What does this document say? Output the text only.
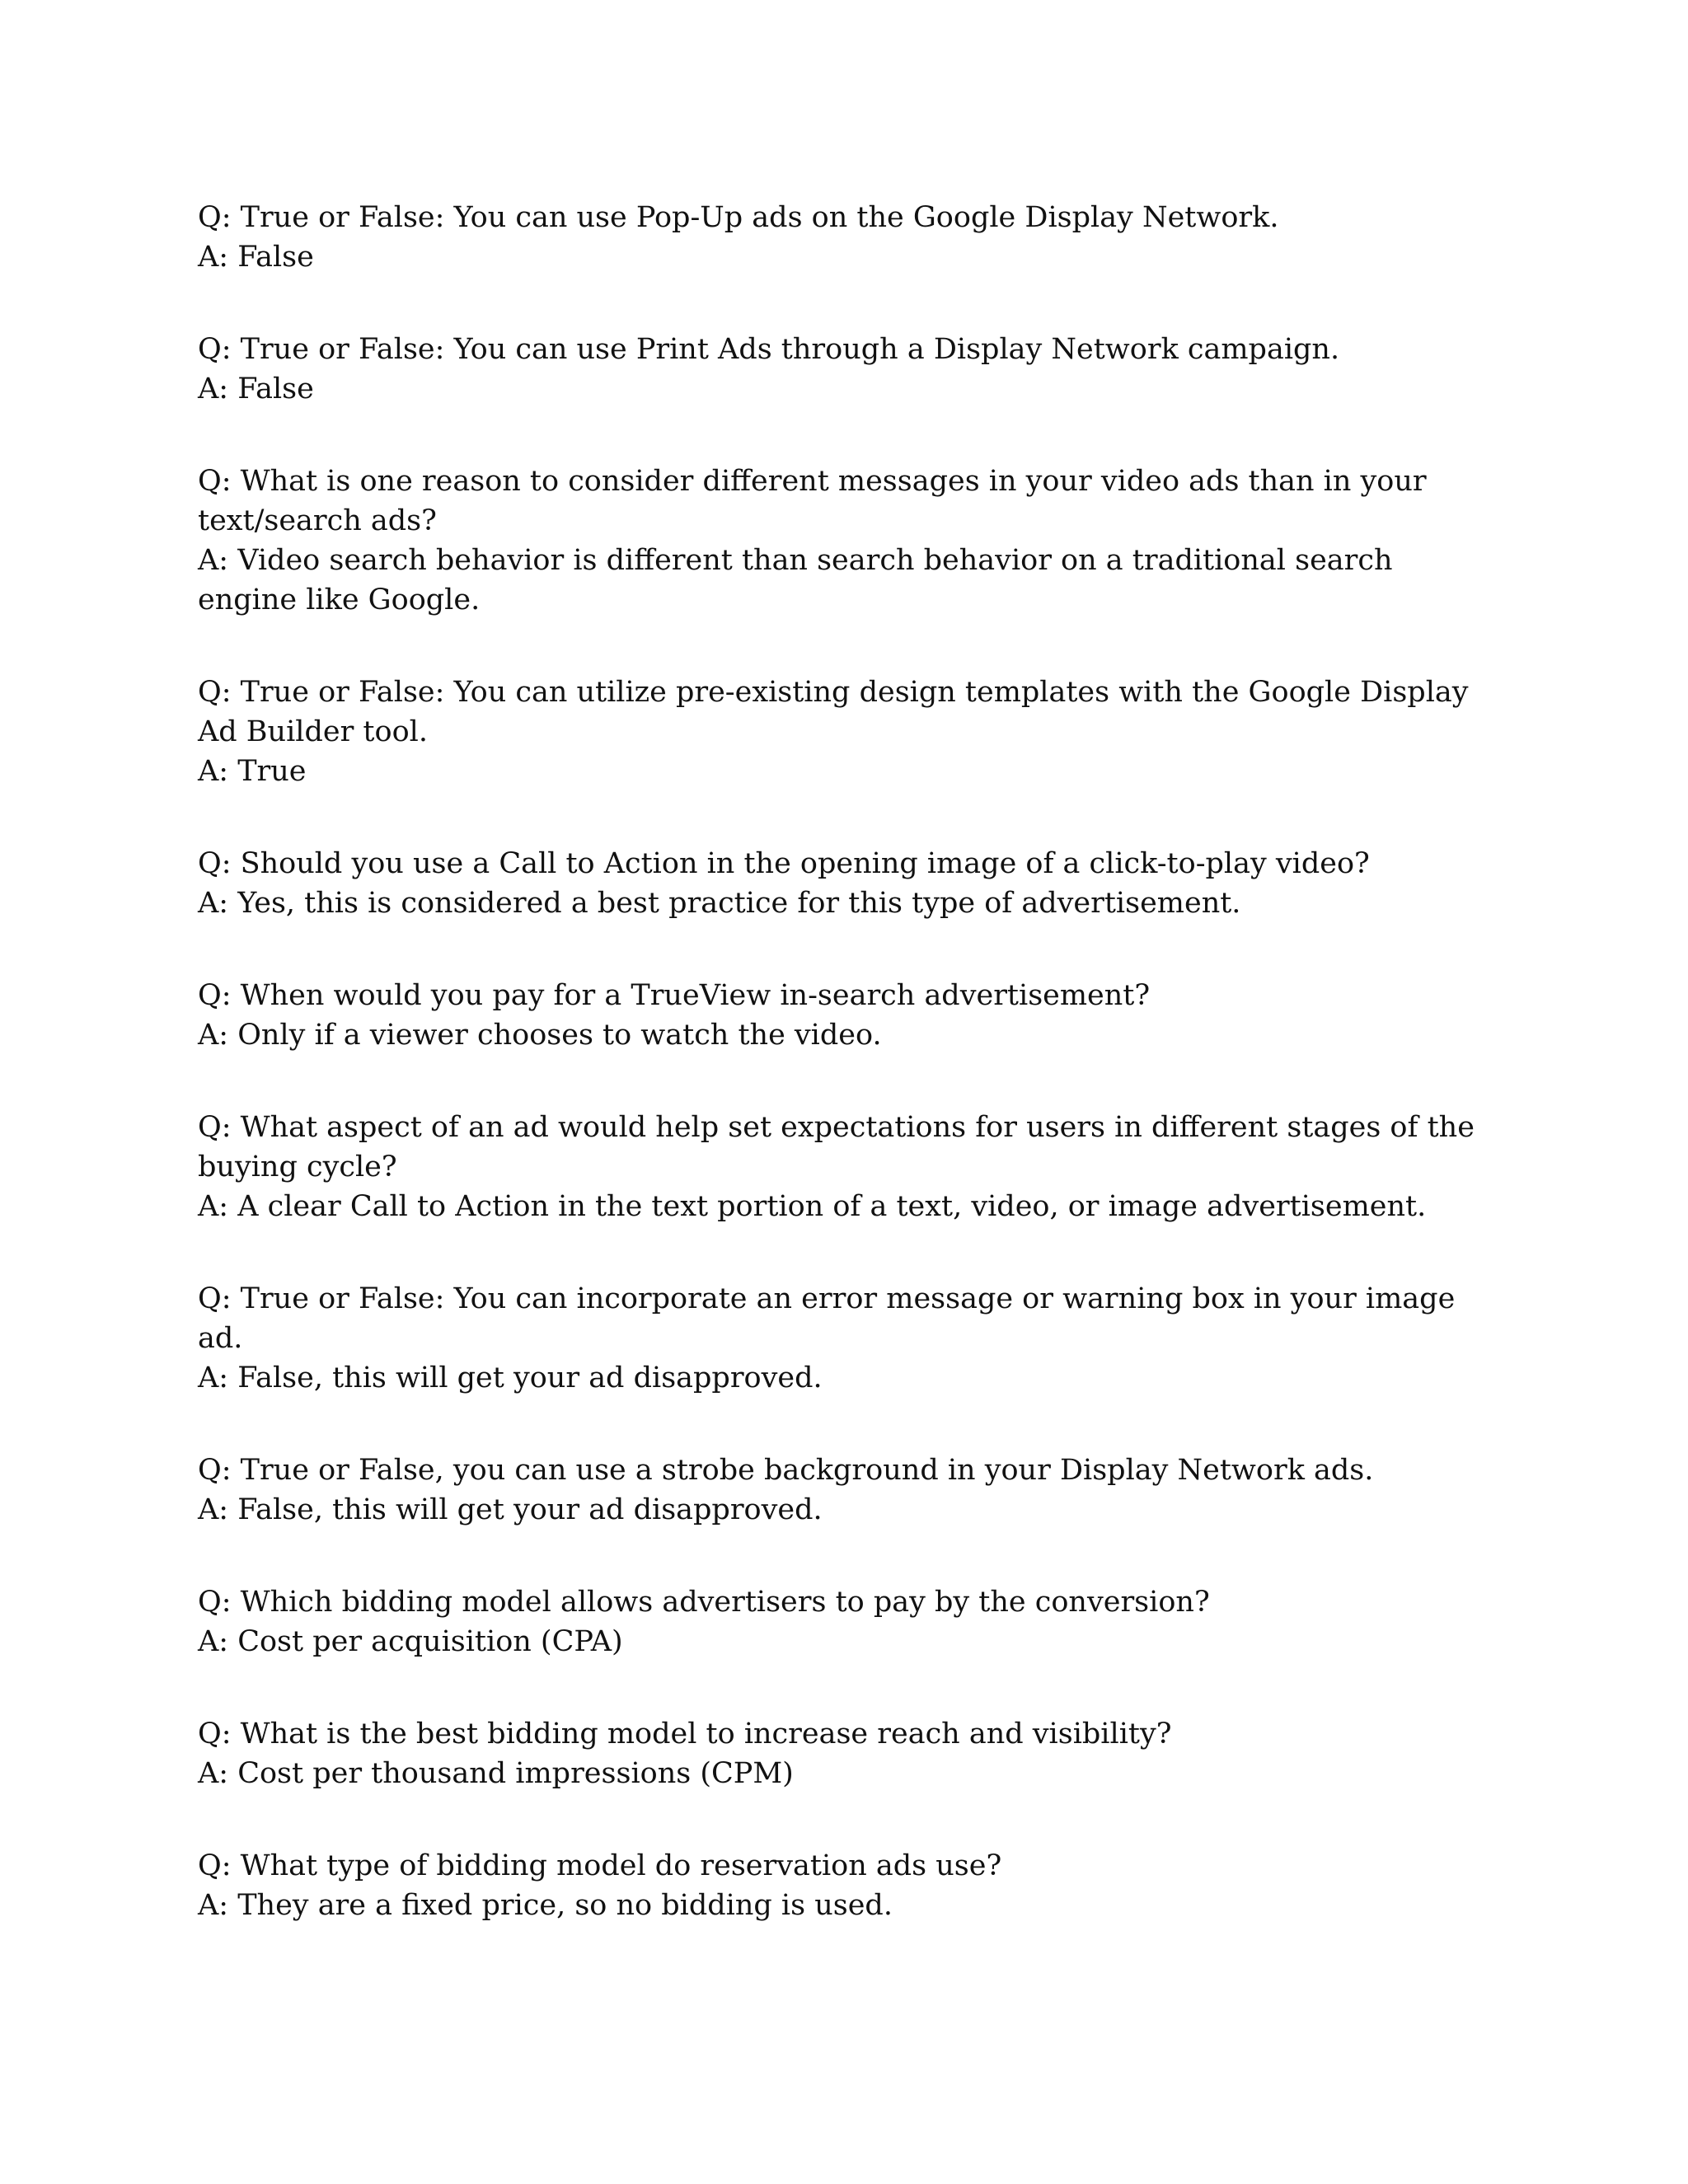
Q: True or False: You can use Pop-Up ads on the Google Display Network.

A: False

Q: True or False: You can use Print Ads through a Display Network campaign.

A: False

Q: What is one reason to consider different messages in your video ads than in your text/search ads?

A: Video search behavior is different than search behavior on a traditional search engine like Google.

Q: True or False: You can utilize pre-existing design templates with the Google Display Ad Builder tool.

A: True

Q: Should you use a Call to Action in the opening image of a click-to-play video?

A: Yes, this is considered a best practice for this type of advertisement.

Q: When would you pay for a TrueView in-search advertisement?

A: Only if a viewer chooses to watch the video.

Q: What aspect of an ad would help set expectations for users in different stages of the buying cycle?

A: A clear Call to Action in the text portion of a text, video, or image advertisement.

Q: True or False: You can incorporate an error message or warning box in your image ad.

A: False, this will get your ad disapproved.

Q: True or False, you can use a strobe background in your Display Network ads.

A: False, this will get your ad disapproved.

Q: Which bidding model allows advertisers to pay by the conversion?

A: Cost per acquisition (CPA)

Q: What is the best bidding model to increase reach and visibility?

A: Cost per thousand impressions (CPM)

Q: What type of bidding model do reservation ads use?

A: They are a fixed price, so no bidding is used.
